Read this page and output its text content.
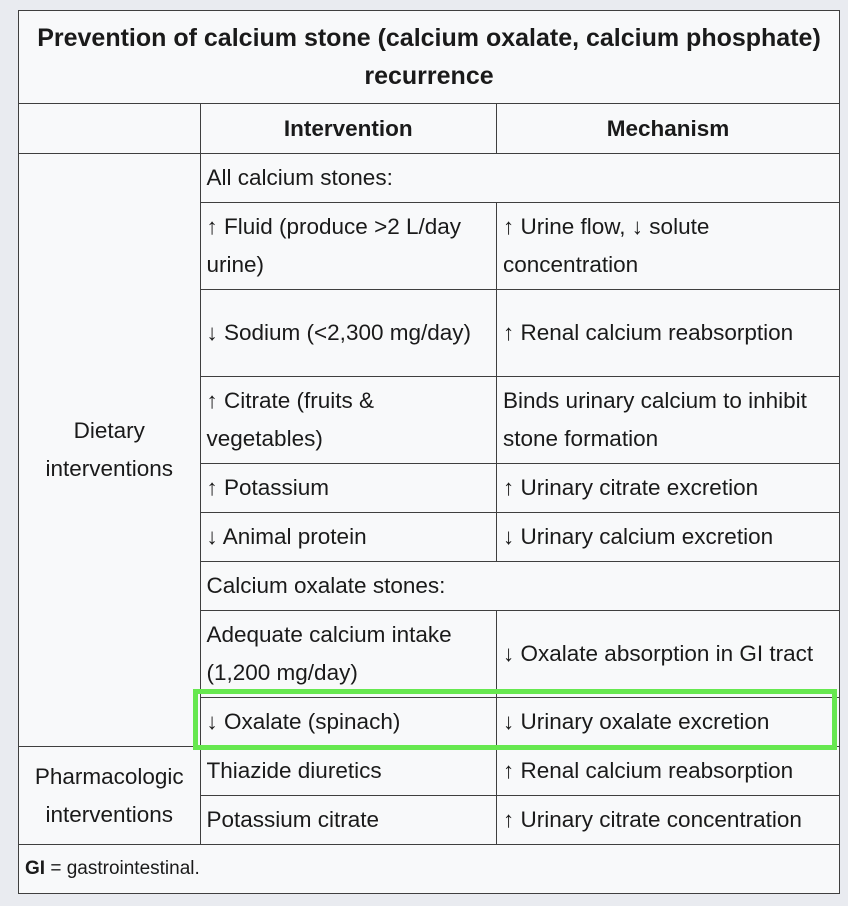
Prevention of calcium stone (calcium oxalate, calcium phosphate) recurrence		
	Intervention	Mechanism
Dietary interventions	All calcium stones:	
	↑ Fluid (produce >2 L/day urine)	↑ Urine flow, ↓ solute concentration
	↓ Sodium (<2,300 mg/day)	↑ Renal calcium reabsorption
	↑ Citrate (fruits & vegetables)	Binds urinary calcium to inhibit stone formation
	↑ Potassium	↑ Urinary citrate excretion
	↓ Animal protein	↓ Urinary calcium excretion
	Calcium oxalate stones:	
	Adequate calcium intake (1,200 mg/day)	↓ Oxalate absorption in GI tract
	↓ Oxalate (spinach)	↓ Urinary oxalate excretion
Pharmacologic interventions	Thiazide diuretics	↑ Renal calcium reabsorption
	Potassium citrate	↑ Urinary citrate concentration
GI = gastrointestinal.		
